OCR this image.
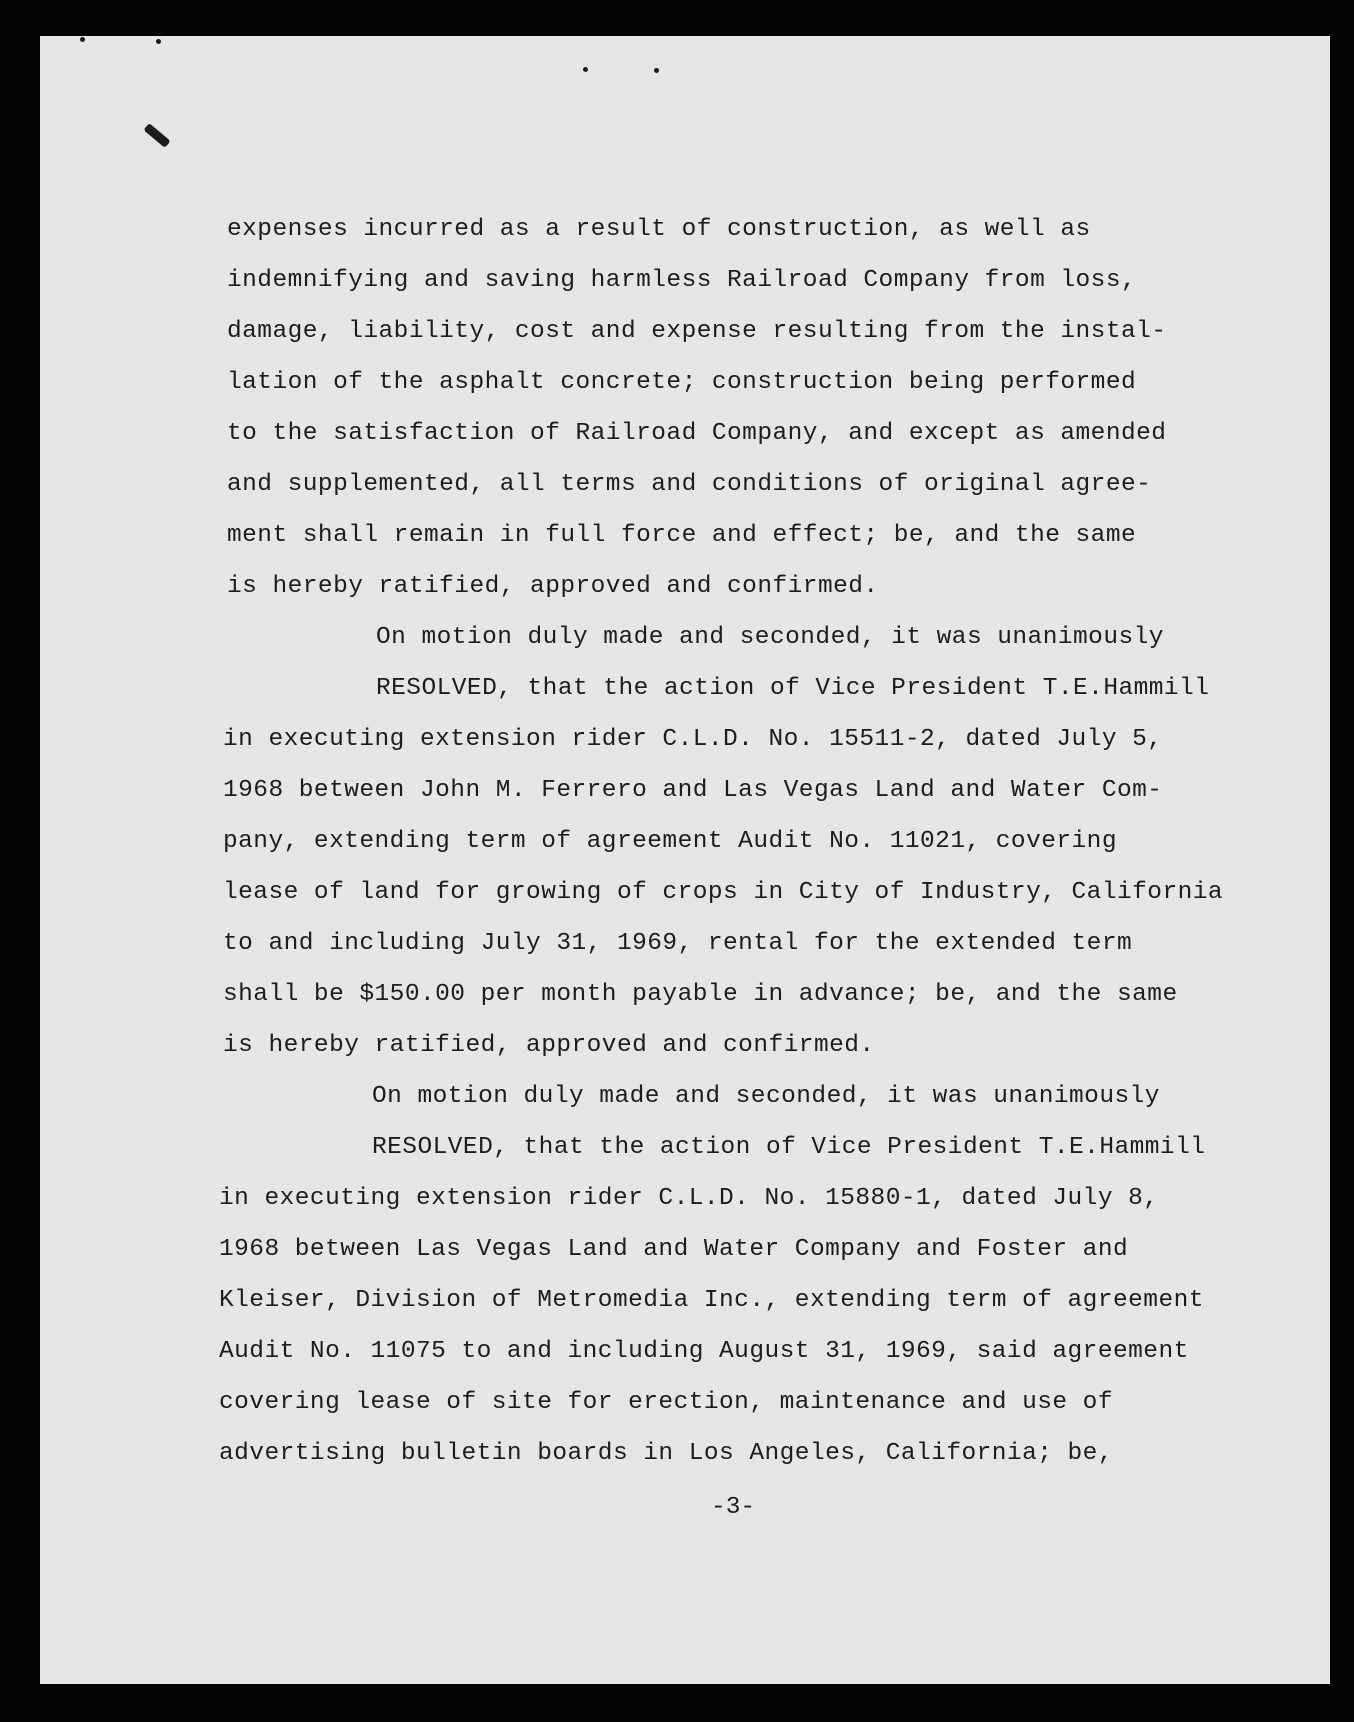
expenses incurred as a result of construction, as well as

indemnifying and saving harmless Railroad Company from loss,

damage, liability, cost and expense resulting from the instal-

lation of the asphalt concrete; construction being performed

to the satisfaction of Railroad Company, and except as amended

and supplemented, all terms and conditions of original agree-

ment shall remain in full force and effect; be, and the same

is hereby ratified, approved and confirmed.

On motion duly made and seconded, it was unanimously

RESOLVED, that the action of Vice President T.E.Hammill

in executing extension rider C.L.D. No. 15511-2, dated July 5,

1968 between John M. Ferrero and Las Vegas Land and Water Com-

pany, extending term of agreement Audit No. 11021, covering

lease of land for growing of crops in City of Industry, California

to and including July 31, 1969, rental for the extended term

shall be $150.00 per month payable in advance; be, and the same

is hereby ratified, approved and confirmed.

On motion duly made and seconded, it was unanimously

RESOLVED, that the action of Vice President T.E.Hammill

in executing extension rider C.L.D. No. 15880-1, dated July 8,

1968 between Las Vegas Land and Water Company and Foster and

Kleiser, Division of Metromedia Inc., extending term of agreement

Audit No. 11075 to and including August 31, 1969, said agreement

covering lease of site for erection, maintenance and use of

advertising bulletin boards in Los Angeles, California; be,

-3-
